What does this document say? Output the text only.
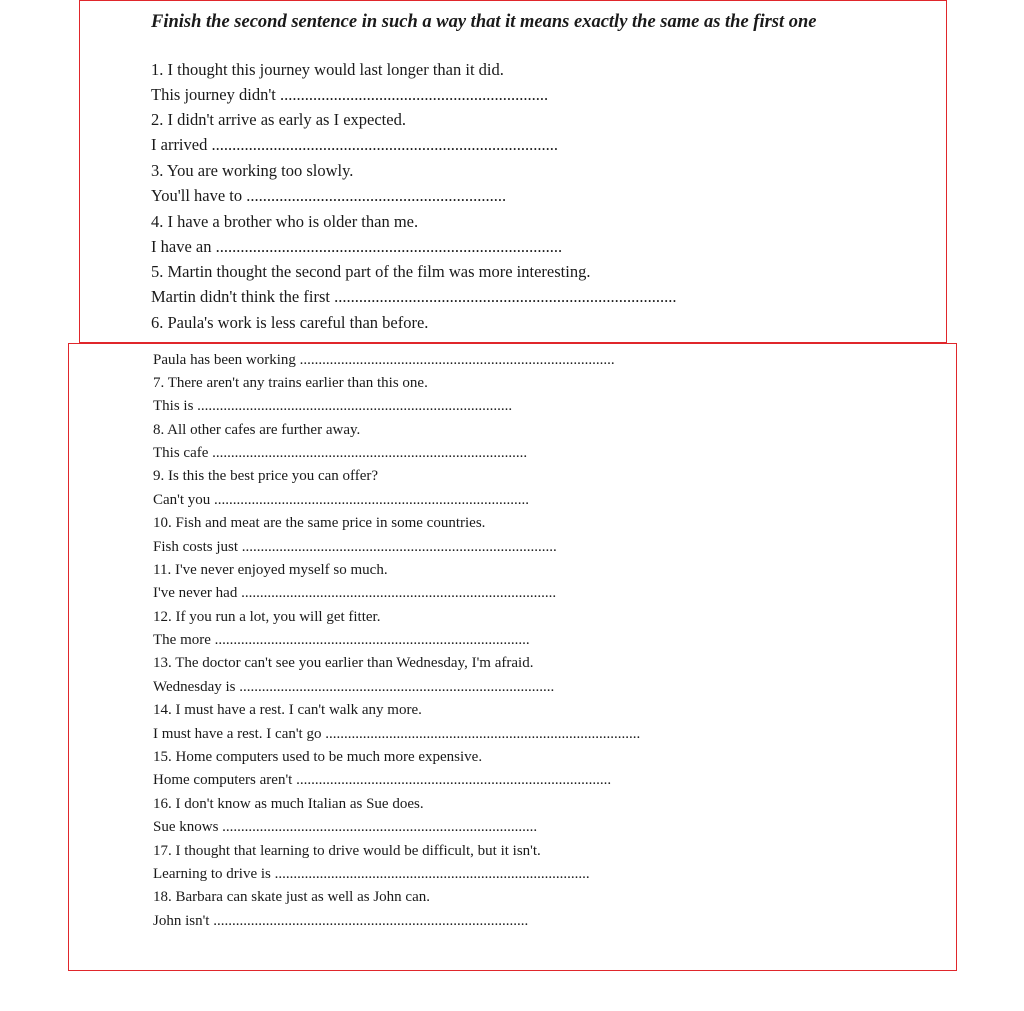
Finish the second sentence in such a way that it means exactly the same as the first one
1. I thought this journey would last longer than it did.
This journey didn't .................................................................
2. I didn't arrive as early as I expected.
I arrived ....................................................................................
3. You are working too slowly.
You'll have to ...............................................................
4. I have a brother who is older than me.
I have an ....................................................................................
5. Martin thought the second part of the film was more interesting.
Martin didn't think the first ...................................................................................
6. Paula's work is less careful than before.
Paula has been working ....................................................................................
7. There aren't any trains earlier than this one.
This is ....................................................................................
8. All other cafes are further away.
This cafe ....................................................................................
9. Is this the best price you can offer?
Can't you ....................................................................................
10. Fish and meat are the same price in some countries.
Fish costs just ....................................................................................
11. I've never enjoyed myself so much.
I've never had ....................................................................................
12. If you run a lot, you will get fitter.
The more ....................................................................................
13. The doctor can't see you earlier than Wednesday, I'm afraid.
Wednesday is ....................................................................................
14. I must have a rest. I can't walk any more.
I must have a rest. I can't go ....................................................................................
15. Home computers used to be much more expensive.
Home computers aren't ....................................................................................
16. I don't know as much Italian as Sue does.
Sue knows ....................................................................................
17. I thought that learning to drive would be difficult, but it isn't.
Learning to drive is ....................................................................................
18. Barbara can skate just as well as John can.
John isn't ....................................................................................
